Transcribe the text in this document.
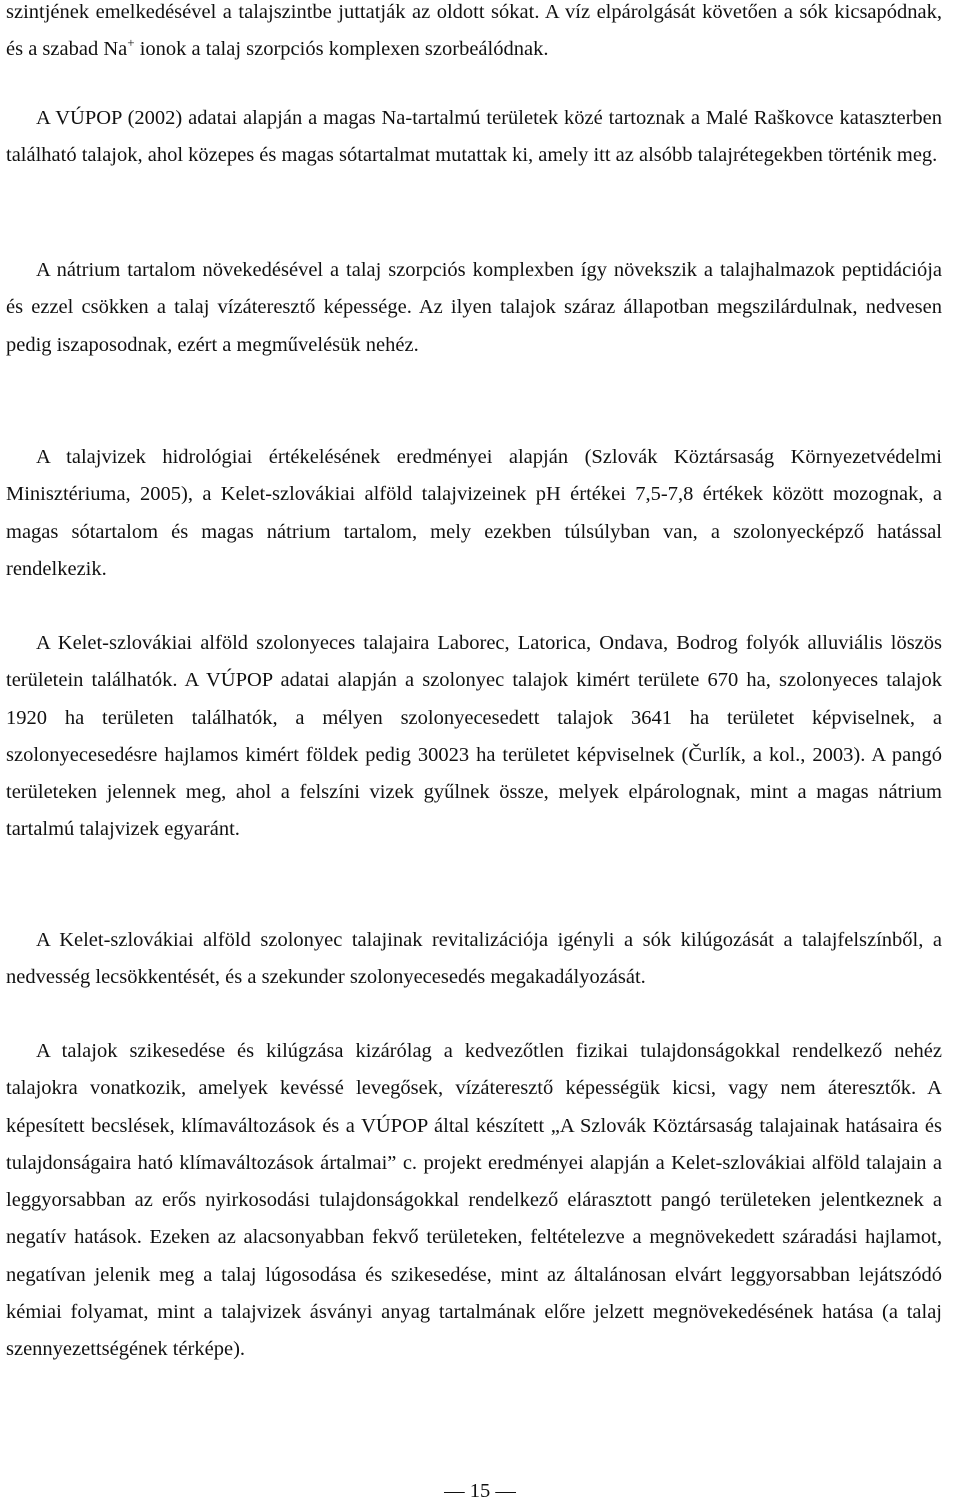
szintjének emelkedésével a talajszintbe juttatják az oldott sókat. A víz elpárolgását követően a sók kicsapódnak, és a szabad Na+ ionok a talaj szorpciós komplexen szorbeálódnak.

A VÚPOP (2002) adatai alapján a magas Na-tartalmú területek közé tartoznak a Malé Raškovce kataszterben található talajok, ahol közepes és magas sótartalmat mutattak ki, amely itt az alsóbb talajrétegekben történik meg.

A nátrium tartalom növekedésével a talaj szorpciós komplexben így növekszik a talajhalmazok peptidációja és ezzel csökken a talaj vízáteresztő képessége. Az ilyen talajok száraz állapotban megszilárdulnak, nedvesen pedig iszaposodnak, ezért a megművelésük nehéz.

A talajvizek hidrológiai értékelésének eredményei alapján (Szlovák Köztársaság Környezetvédelmi Minisztériuma, 2005), a Kelet-szlovákiai alföld talajvizeinek pH értékei 7,5-7,8 értékek között mozognak, a magas sótartalom és magas nátrium tartalom, mely ezekben túlsúlyban van, a szolonyecképző hatással rendelkezik.

A Kelet-szlovákiai alföld szolonyeces talajaira Laborec, Latorica, Ondava, Bodrog folyók alluviális löszös területein találhatók. A VÚPOP adatai alapján a szolonyec talajok kimért területe 670 ha, szolonyeces talajok 1920 ha területen találhatók, a mélyen szolonyecesedett talajok 3641 ha területet képviselnek, a szolonyecesedésre hajlamos kimért földek pedig 30023 ha területet képviselnek (Čurlík, a kol., 2003). A pangó területeken jelennek meg, ahol a felszíni vizek gyűlnek össze, melyek elpárolognak, mint a magas nátrium tartalmú talajvizek egyaránt.

A Kelet-szlovákiai alföld szolonyec talajinak revitalizációja igényli a sók kilúgozását a talajfelszínből, a nedvesség lecsökkentését, és a szekunder szolonyecesedés megakadályozását.

A talajok szikesedése és kilúgzása kizárólag a kedvezőtlen fizikai tulajdonságokkal rendelkező nehéz talajokra vonatkozik, amelyek kevéssé levegősek, vízáteresztő képességük kicsi, vagy nem áteresztők. A képesített becslések, klímaváltozások és a VÚPOP által készített „A Szlovák Köztársaság talajainak hatásaira és tulajdonságaira ható klímaváltozások ártalmai” c. projekt eredményei alapján a Kelet-szlovákiai alföld talajain a leggyorsabban az erős nyirkosodási tulajdonságokkal rendelkező elárasztott pangó területeken jelentkeznek a negatív hatások. Ezeken az alacsonyabban fekvő területeken, feltételezve a megnövekedett száradási hajlamot, negatívan jelenik meg a talaj lúgosodása és szikesedése, mint az általánosan elvárt leggyorsabban lejátszódó kémiai folyamat, mint a talajvizek ásványi anyag tartalmának előre jelzett megnövekedésének hatása (a talaj szennyezettségének térképe).

— 15 —
